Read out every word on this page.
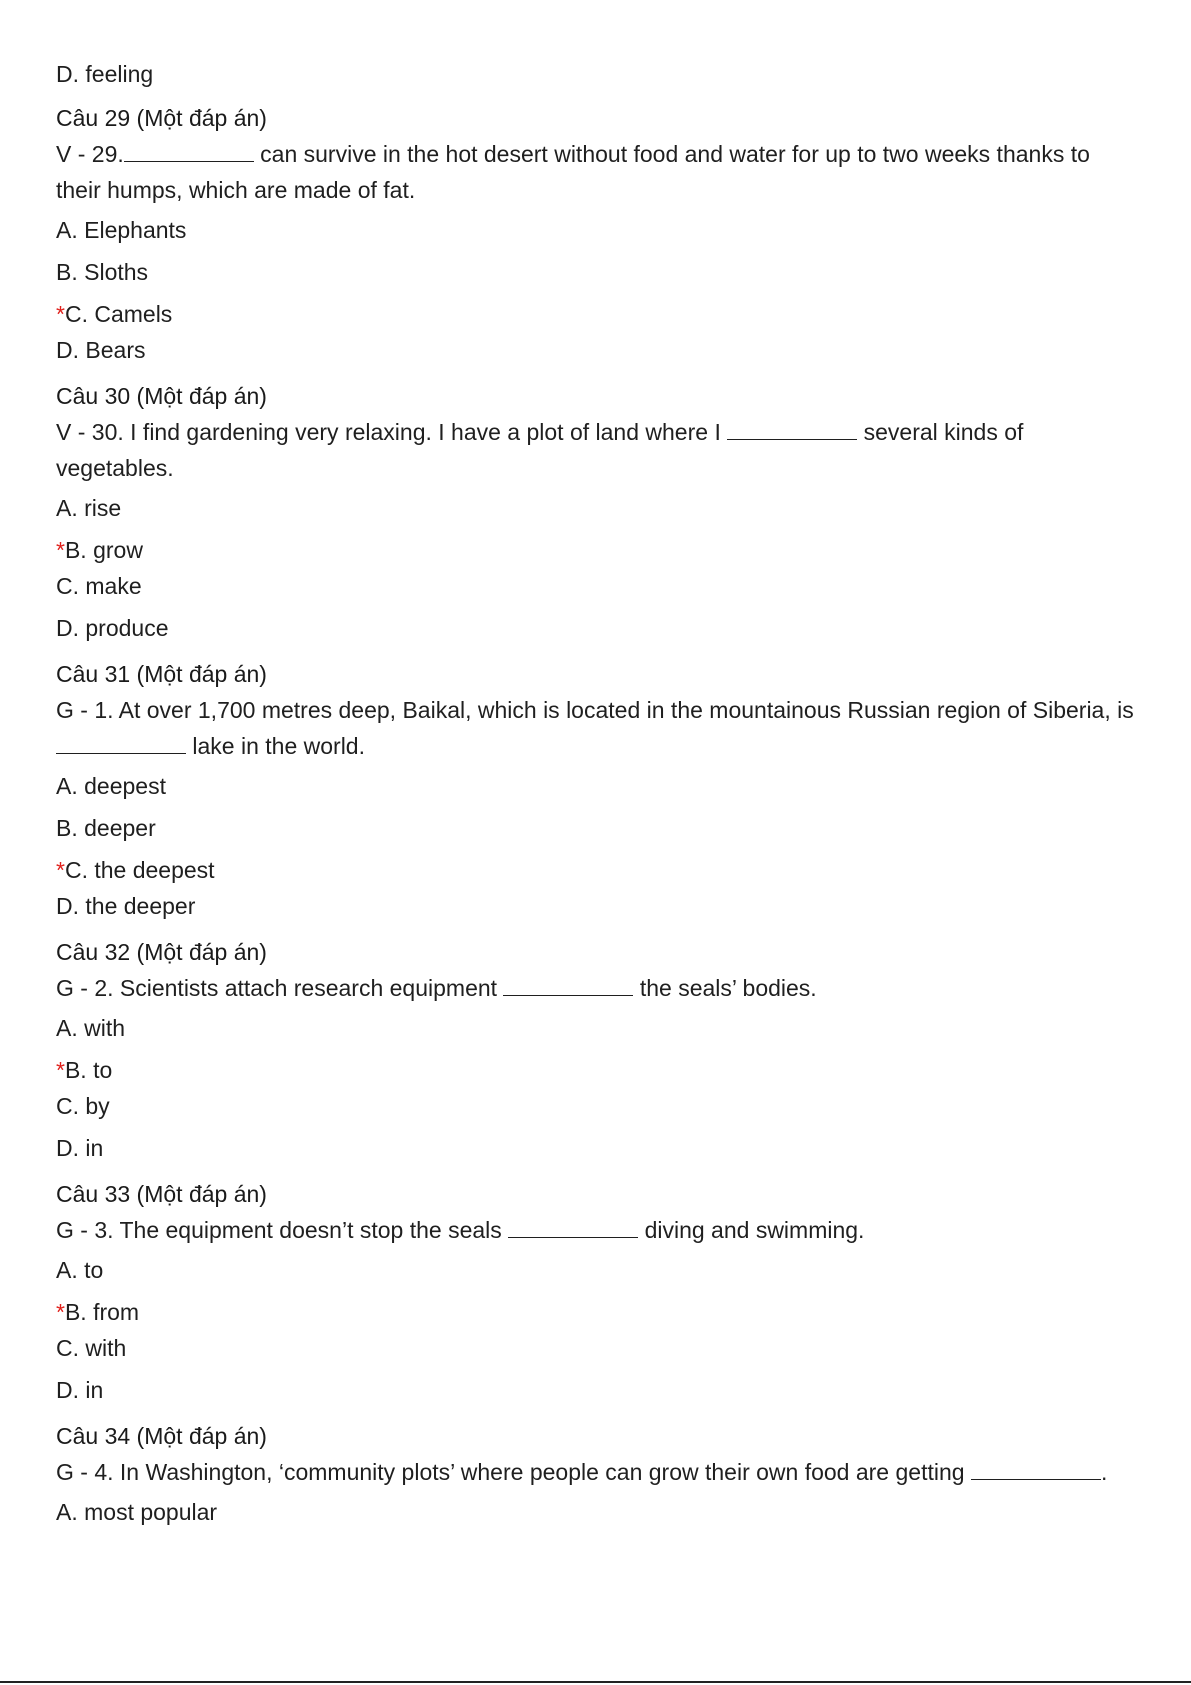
D. feeling
Câu 29 (Một đáp án)
V - 29.	can survive in the hot desert without food and water for up to two weeks thanks to their humps, which are made of fat.
A. Elephants
B. Sloths
*C. Camels
D. Bears
Câu 30 (Một đáp án)
V - 30. I find gardening very relaxing. I have a plot of land where I	several kinds of vegetables.
A. rise
*B. grow
C. make
D. produce
Câu 31 (Một đáp án)
G - 1. At over 1,700 metres deep, Baikal, which is located in the mountainous Russian region of Siberia, is  lake in the world.
A. deepest
B. deeper
*C. the deepest
D. the deeper
Câu 32 (Một đáp án)
G - 2. Scientists attach research equipment	the seals’ bodies.
A. with
*B. to
C. by
D. in
Câu 33 (Một đáp án)
G - 3. The equipment doesn’t stop the seals	diving and swimming.
A. to
*B. from
C. with
D. in
Câu 34 (Một đáp án)
G - 4. In Washington, ‘community plots’ where people can grow their own food are getting	.
A. most popular
